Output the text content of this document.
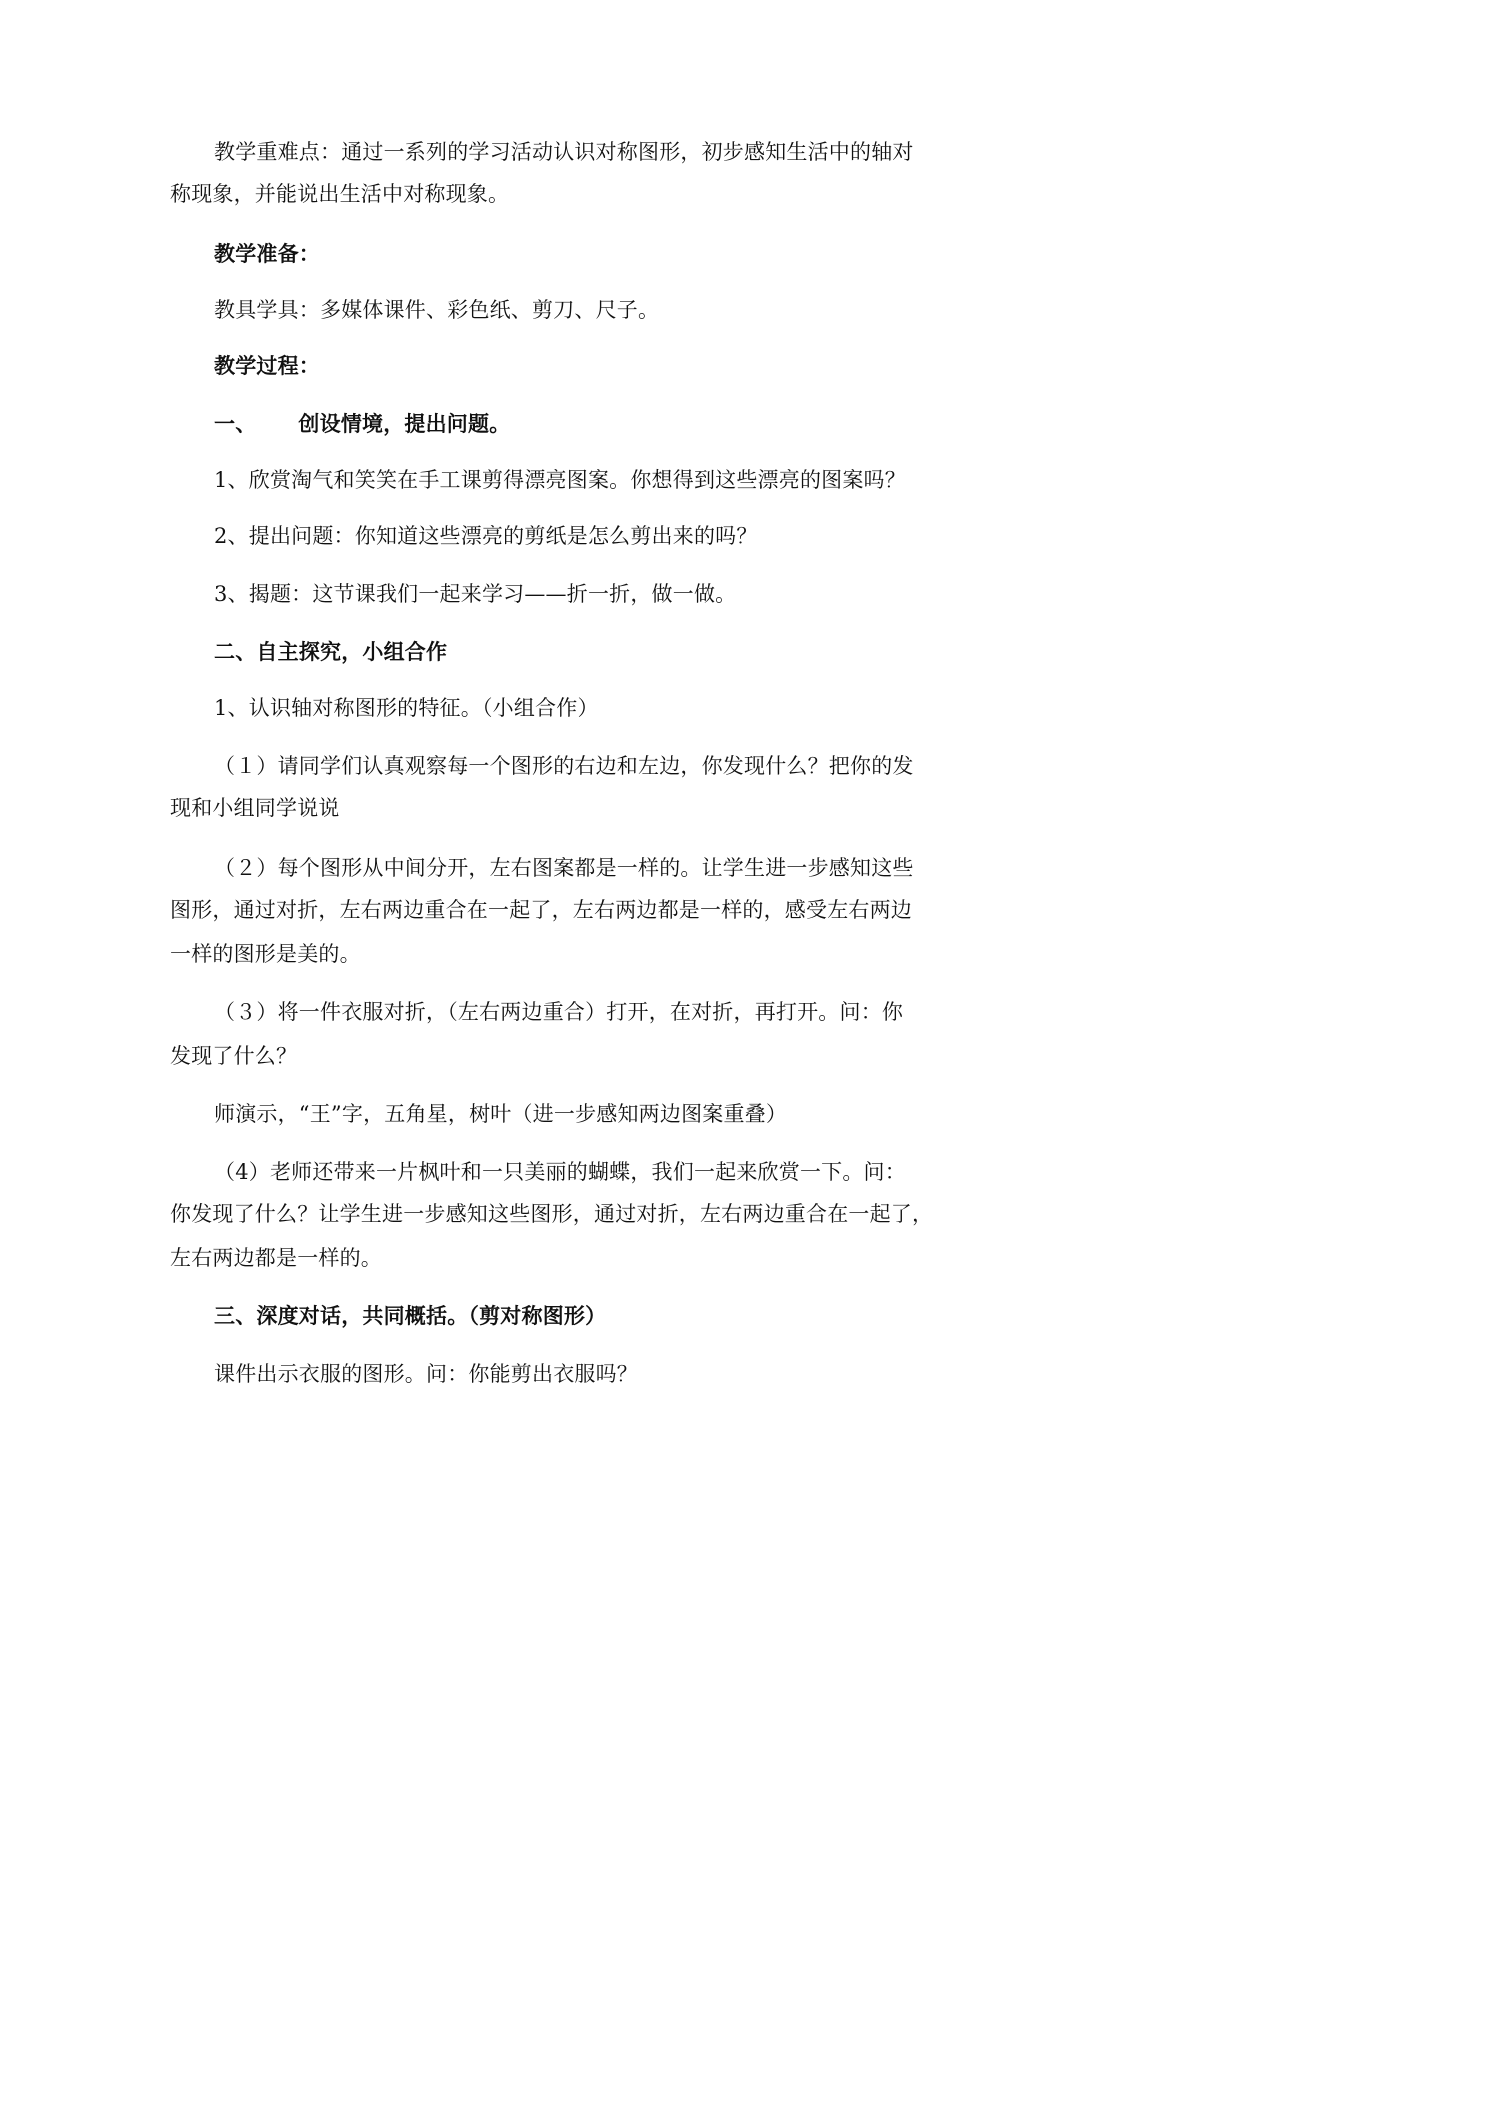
教学重难点：通过一系列的学习活动认识对称图形，初步感知生活中的轴对
称现象，并能说出生活中对称现象。
教学准备：
教具学具：多媒体课件、彩色纸、剪刀、尺子。
教学过程：
一、 创设情境，提出问题。
1、欣赏淘气和笑笑在手工课剪得漂亮图案。你想得到这些漂亮的图案吗？
2、提出问题：你知道这些漂亮的剪纸是怎么剪出来的吗？
3、揭题：这节课我们一起来学习——折一折，做一做。
二、自主探究，小组合作
1、认识轴对称图形的特征。（小组合作）
（１）请同学们认真观察每一个图形的右边和左边，你发现什么？把你的发
现和小组同学说说
（２）每个图形从中间分开，左右图案都是一样的。让学生进一步感知这些
图形，通过对折，左右两边重合在一起了，左右两边都是一样的，感受左右两边
一样的图形是美的。
（３）将一件衣服对折，（左右两边重合）打开，在对折，再打开。问：你
发现了什么？
师演示，“王”字，五角星，树叶（进一步感知两边图案重叠）
（4）老师还带来一片枫叶和一只美丽的蝴蝶，我们一起来欣赏一下。问：
你发现了什么？让学生进一步感知这些图形，通过对折，左右两边重合在一起了，
左右两边都是一样的。
三、深度对话，共同概括。（剪对称图形）
课件出示衣服的图形。问：你能剪出衣服吗？
